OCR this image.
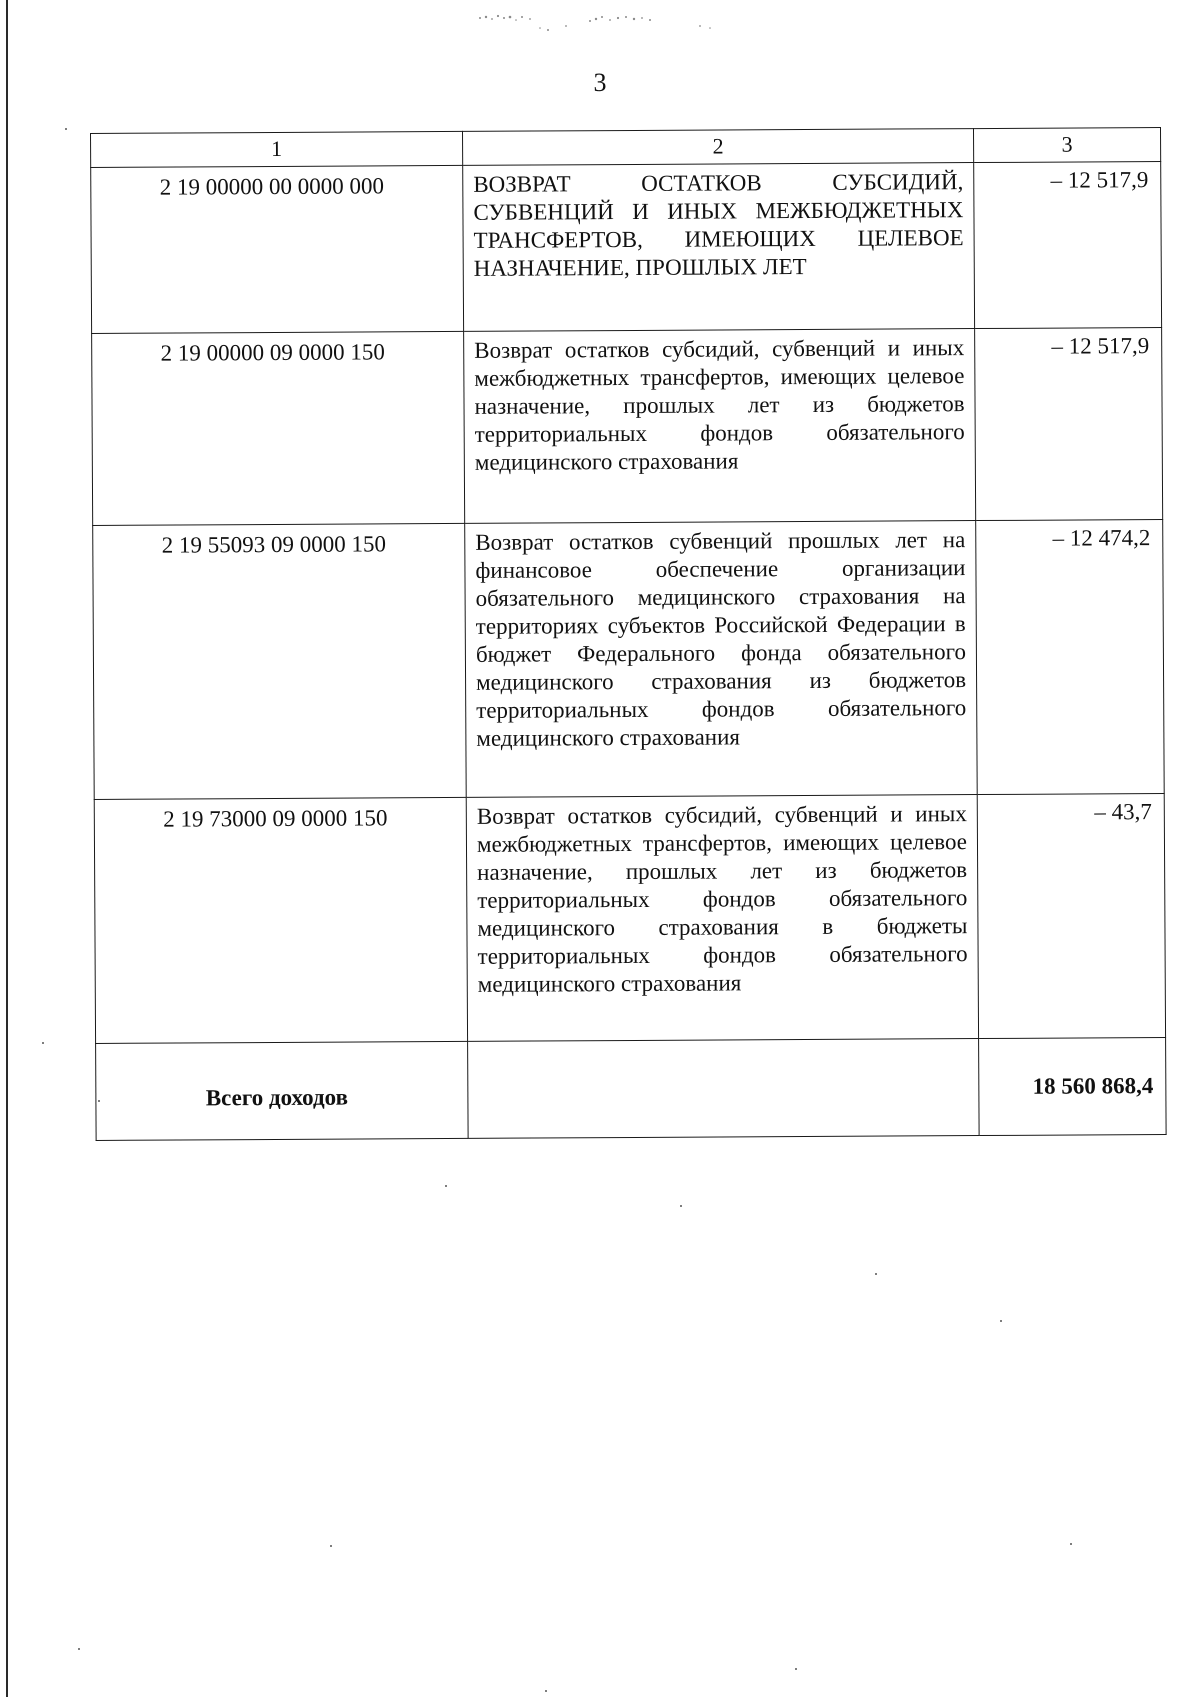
3
1	2	3
2 19 00000 00 0000 000	ВОЗВРАТ ОСТАТКОВ СУБСИДИЙ, СУБВЕНЦИЙ И ИНЫХ МЕЖБЮДЖЕТНЫХ ТРАНСФЕРТОВ, ИМЕЮЩИХ ЦЕЛЕВОЕ НАЗНАЧЕНИЕ, ПРОШЛЫХ ЛЕТ	– 12 517,9
2 19 00000 09 0000 150	Возврат остатков субсидий, субвенций и иных межбюджетных трансфертов, имеющих целевое назначение, прошлых лет из бюджетов территориальных фондов обязательного медицинского страхования	– 12 517,9
2 19 55093 09 0000 150	Возврат остатков субвенций прошлых лет на финансовое обеспечение организации обязательного медицинского страхования на территориях субъектов Российской Федерации в бюджет Федерального фонда обязательного медицинского страхования из бюджетов территориальных фондов обязательного медицинского страхования	– 12 474,2
2 19 73000 09 0000 150	Возврат остатков субсидий, субвенций и иных межбюджетных трансфертов, имеющих целевое назначение, прошлых лет из бюджетов территориальных фондов обязательного медицинского страхования в бюджеты территориальных фондов обязательного медицинского страхования	– 43,7
Всего доходов		18 560 868,4
